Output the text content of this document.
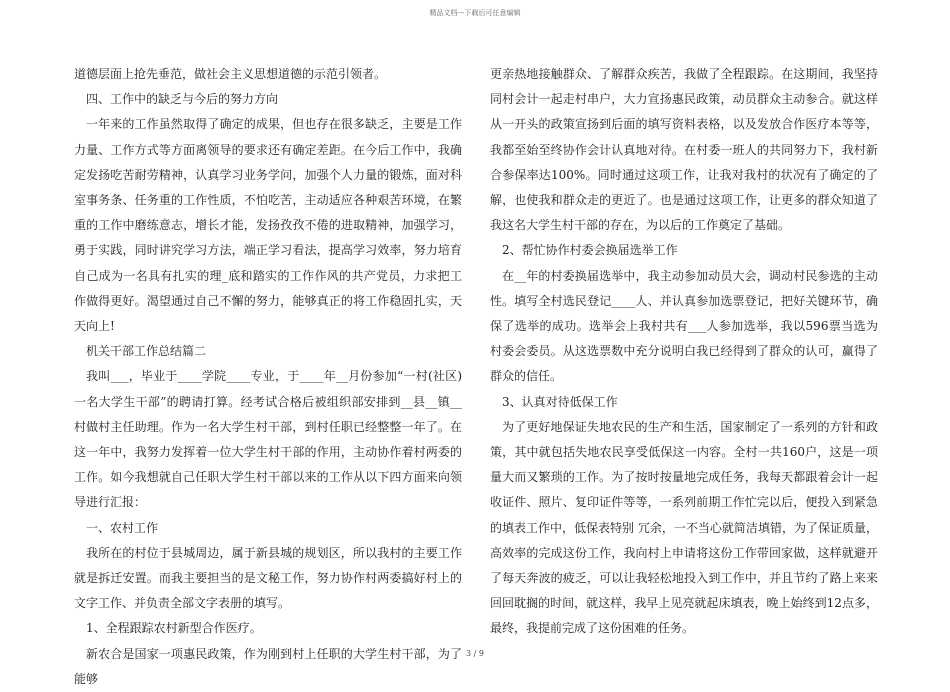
精品文档---下载后可任意编辑

道德层面上抢先垂范，做社会主义思想道德的示范引领者。

四、工作中的缺乏与今后的努力方向

一年来的工作虽然取得了确定的成果，但也存在很多缺乏，主要是工作力量、工作方式等方面离领导的要求还有确定差距。在今后工作中，我确定发扬吃苦耐劳精神，认真学习业务学问，加强个人力量的锻炼，面对科室事务条、任务重的工作性质，不怕吃苦，主动适应各种艰苦环境，在繁重的工作中磨练意志，增长才能，发扬孜孜不倦的进取精神，加强学习，勇于实践，同时讲究学习方法，端正学习看法，提高学习效率，努力培育自己成为一名具有扎实的理_底和踏实的工作作风的共产党员，力求把工作做得更好。渴望通过自己不懈的努力，能够真正的将工作稳固扎实，天天向上!

机关干部工作总结篇二

我叫___，毕业于____学院____专业，于____年__月份参加“一村(社区)一名大学生干部”的聘请打算。经考试合格后被组织部安排到__县__镇__村做村主任助理。作为一名大学生村干部，到村任职已经整整一年了。在这一年中，我努力发挥着一位大学生村干部的作用，主动协作着村两委的工作。如今我想就自己任职大学生村干部以来的工作从以下四方面来向领导进行汇报：

一、农村工作

我所在的村位于县城周边，属于新县城的规划区，所以我村的主要工作就是拆迁安置。而我主要担当的是文秘工作，努力协作村两委搞好村上的文字工作、并负责全部文字表册的填写。

1、全程跟踪农村新型合作医疗。

新农合是国家一项惠民政策，作为刚到村上任职的大学生村干部，为了能够

更亲热地接触群众、了解群众疾苦，我做了全程跟踪。在这期间，我坚持同村会计一起走村串户，大力宣扬惠民政策，动员群众主动参合。就这样从一开头的政策宣扬到后面的填写资料表格，以及发放合作医疗本等等，我都至始至终协作会计认真地对待。在村委一班人的共同努力下，我村新合参保率达100%。同时通过这项工作，让我对我村的状况有了确定的了解，也使我和群众走的更近了。也是通过这项工作，让更多的群众知道了我这名大学生村干部的存在，为以后的工作奠定了基础。

2、帮忙协作村委会换届选举工作

在__年的村委换届选举中，我主动参加动员大会，调动村民参选的主动性。填写全村选民登记____人、并认真参加选票登记，把好关键环节，确保了选举的成功。选举会上我村共有___人参加选举，我以596票当选为村委会委员。从这选票数中充分说明白我已经得到了群众的认可，赢得了群众的信任。

3、认真对待低保工作

为了更好地保证失地农民的生产和生活，国家制定了一系列的方针和政策，其中就包括失地农民享受低保这一内容。全村一共160户，这是一项量大而又繁琐的工作。为了按时按量地完成任务，我每天都跟着会计一起收证件、照片、复印证件等等，一系列前期工作忙完以后，便投入到紧急的填表工作中，低保表特别 冗余，一不当心就简洁填错，为了保证质量，高效率的完成这份工作，我向村上申请将这份工作带回家做，这样就避开了每天奔波的疲乏，可以让我轻松地投入到工作中，并且节约了路上来来回回耽搁的时间，就这样，我早上见亮就起床填表，晚上始终到12点多，最终，我提前完成了这份困难的任务。

3 / 9
